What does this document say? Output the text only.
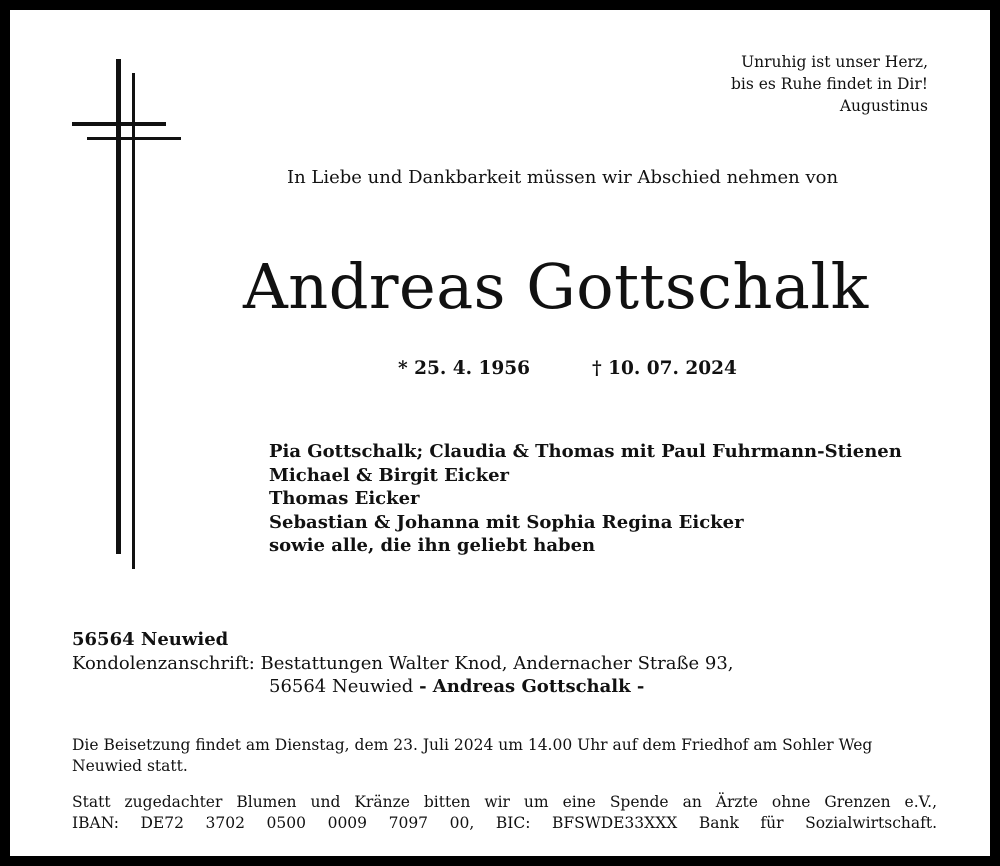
Unruhig ist unser Herz,
bis es Ruhe findet in Dir!
Augustinus

In Liebe und Dankbarkeit müssen wir Abschied nehmen von

Andreas Gottschalk
* 25. 4. 1956	† 10. 07. 2024
Pia Gottschalk; Claudia & Thomas mit Paul Fuhrmann-Stienen
Michael & Birgit Eicker
Thomas Eicker
Sebastian & Johanna mit Sophia Regina Eicker
sowie alle, die ihn geliebt haben
56564 Neuwied
Kondolenzanschrift: Bestattungen Walter Knod, Andernacher Straße 93,
56564 Neuwied - Andreas Gottschalk -

Die Beisetzung findet am Dienstag, dem 23. Juli 2024 um 14.00 Uhr auf dem Friedhof am Sohler Weg Neuwied statt.

Statt zugedachter Blumen und Kränze bitten wir um eine Spende an Ärzte ohne Grenzen e.V.,
IBAN: DE72 3702 0500 0009 7097 00, BIC: BFSWDE33XXX Bank für Sozialwirtschaft.
